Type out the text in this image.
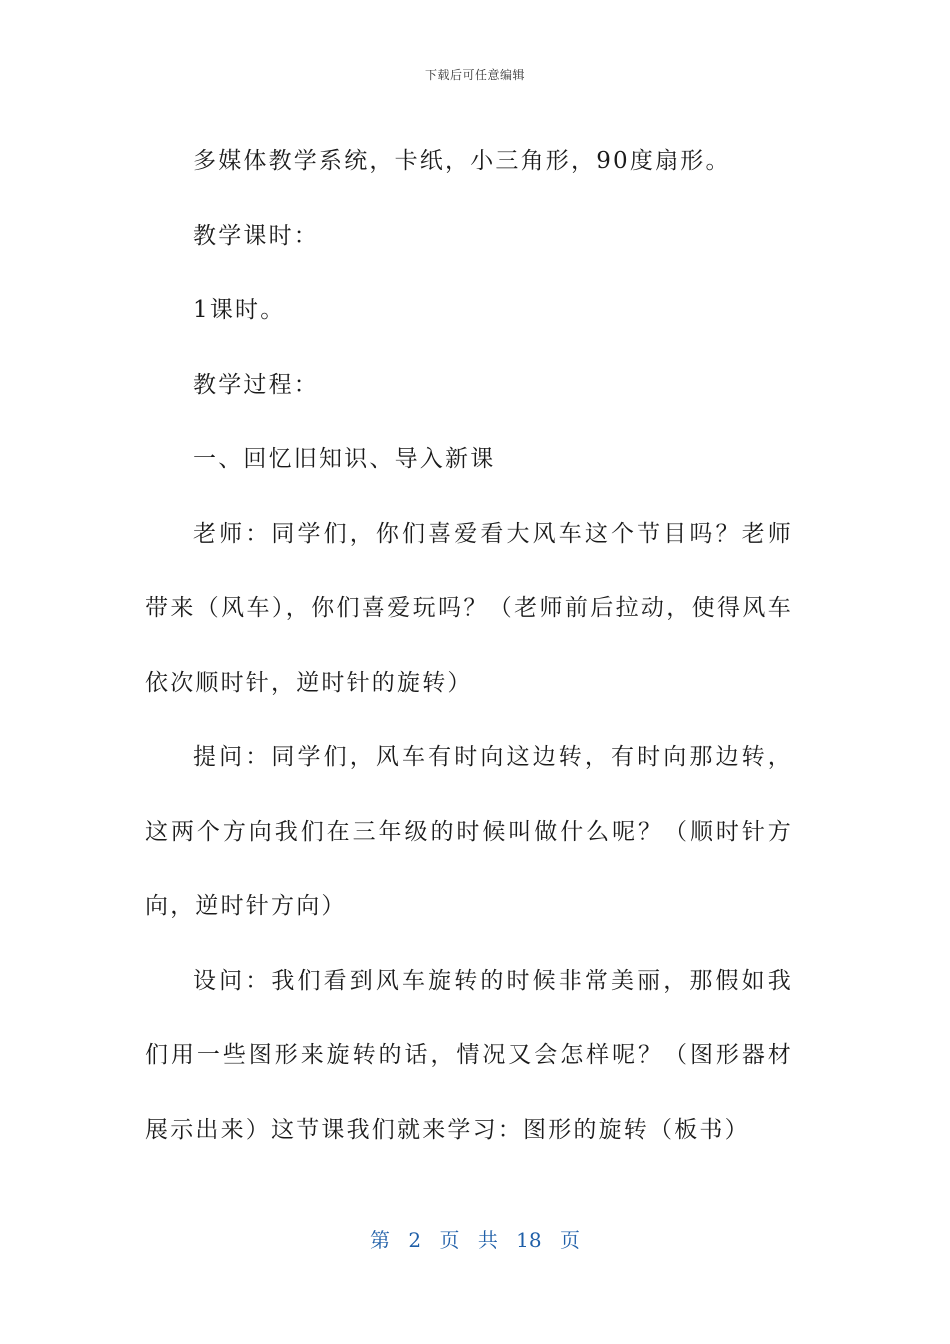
下载后可任意编辑

多媒体教学系统，卡纸，小三角形，90度扇形。

教学课时：

1课时。

教学过程：

一、回忆旧知识、导入新课

老师：同学们，你们喜爱看大风车这个节目吗？老师带来（风车），你们喜爱玩吗？（老师前后拉动，使得风车依次顺时针，逆时针的旋转）

提问：同学们，风车有时向这边转，有时向那边转，这两个方向我们在三年级的时候叫做什么呢？（顺时针方向，逆时针方向）

设问：我们看到风车旋转的时候非常美丽，那假如我们用一些图形来旋转的话，情况又会怎样呢？（图形器材展示出来）这节课我们就来学习：图形的旋转（板书）

第 2 页 共 18 页
